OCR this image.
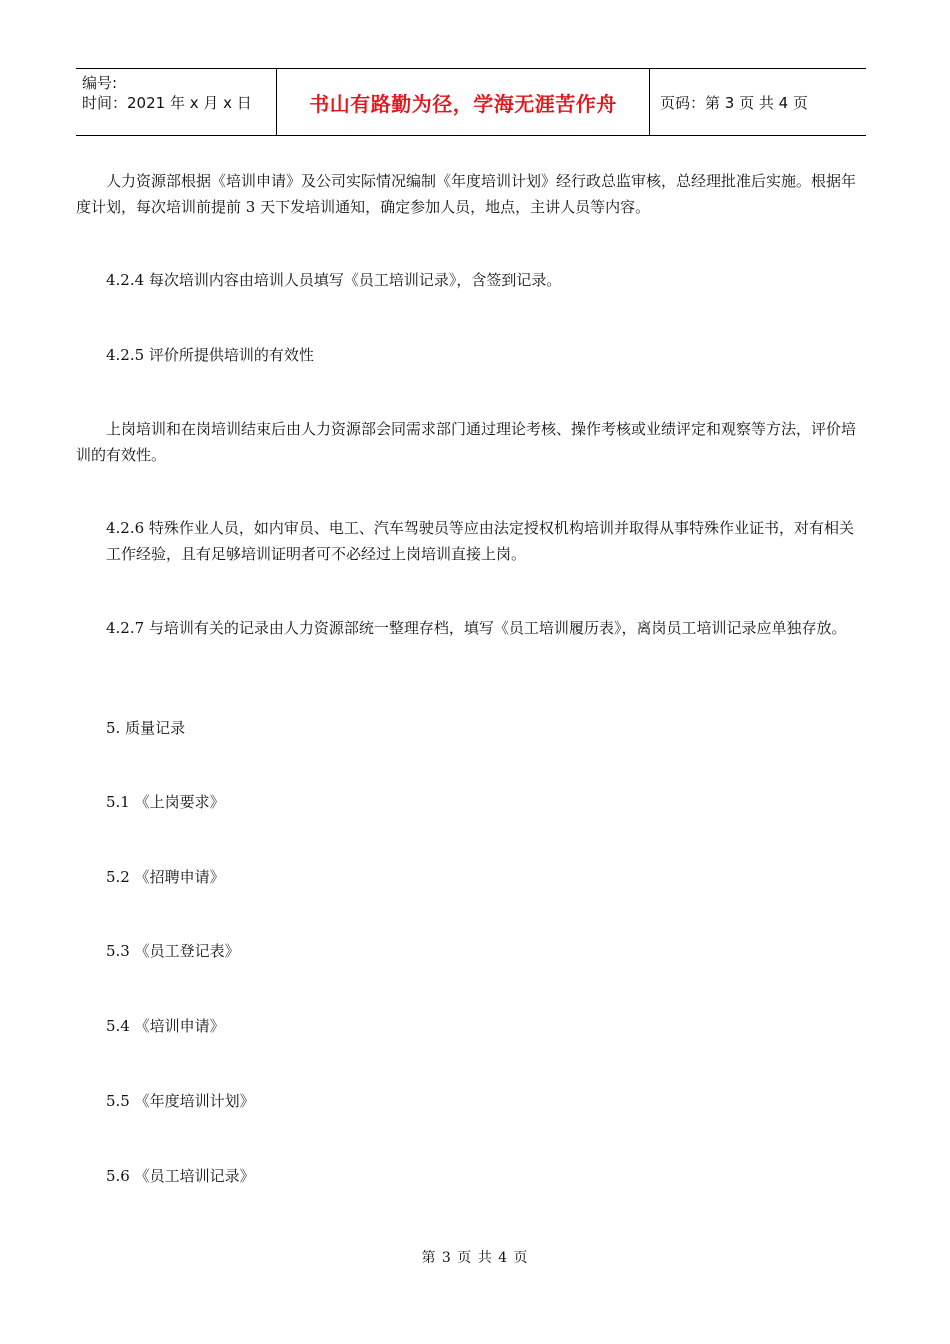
编号:
时间：2021 年 x 月 x 日	书山有路勤为径，学海无涯苦作舟	页码：第 3 页 共 4 页

人力资源部根据《培训申请》及公司实际情况编制《年度培训计划》经行政总监审核，总经理批准后实施。根据年度计划，每次培训前提前 3 天下发培训通知，确定参加人员，地点，主讲人员等内容。

4.2.4 每次培训内容由培训人员填写《员工培训记录》，含签到记录。

4.2.5 评价所提供培训的有效性

上岗培训和在岗培训结束后由人力资源部会同需求部门通过理论考核、操作考核或业绩评定和观察等方法，评价培训的有效性。

4.2.6 特殊作业人员，如内审员、电工、汽车驾驶员等应由法定授权机构培训并取得从事特殊作业证书，对有相关工作经验，且有足够培训证明者可不必经过上岗培训直接上岗。

4.2.7 与培训有关的记录由人力资源部统一整理存档，填写《员工培训履历表》，离岗员工培训记录应单独存放。

5. 质量记录

5.1 《上岗要求》

5.2 《招聘申请》

5.3 《员工登记表》

5.4 《培训申请》

5.5 《年度培训计划》

5.6 《员工培训记录》

第 3 页 共 4 页
